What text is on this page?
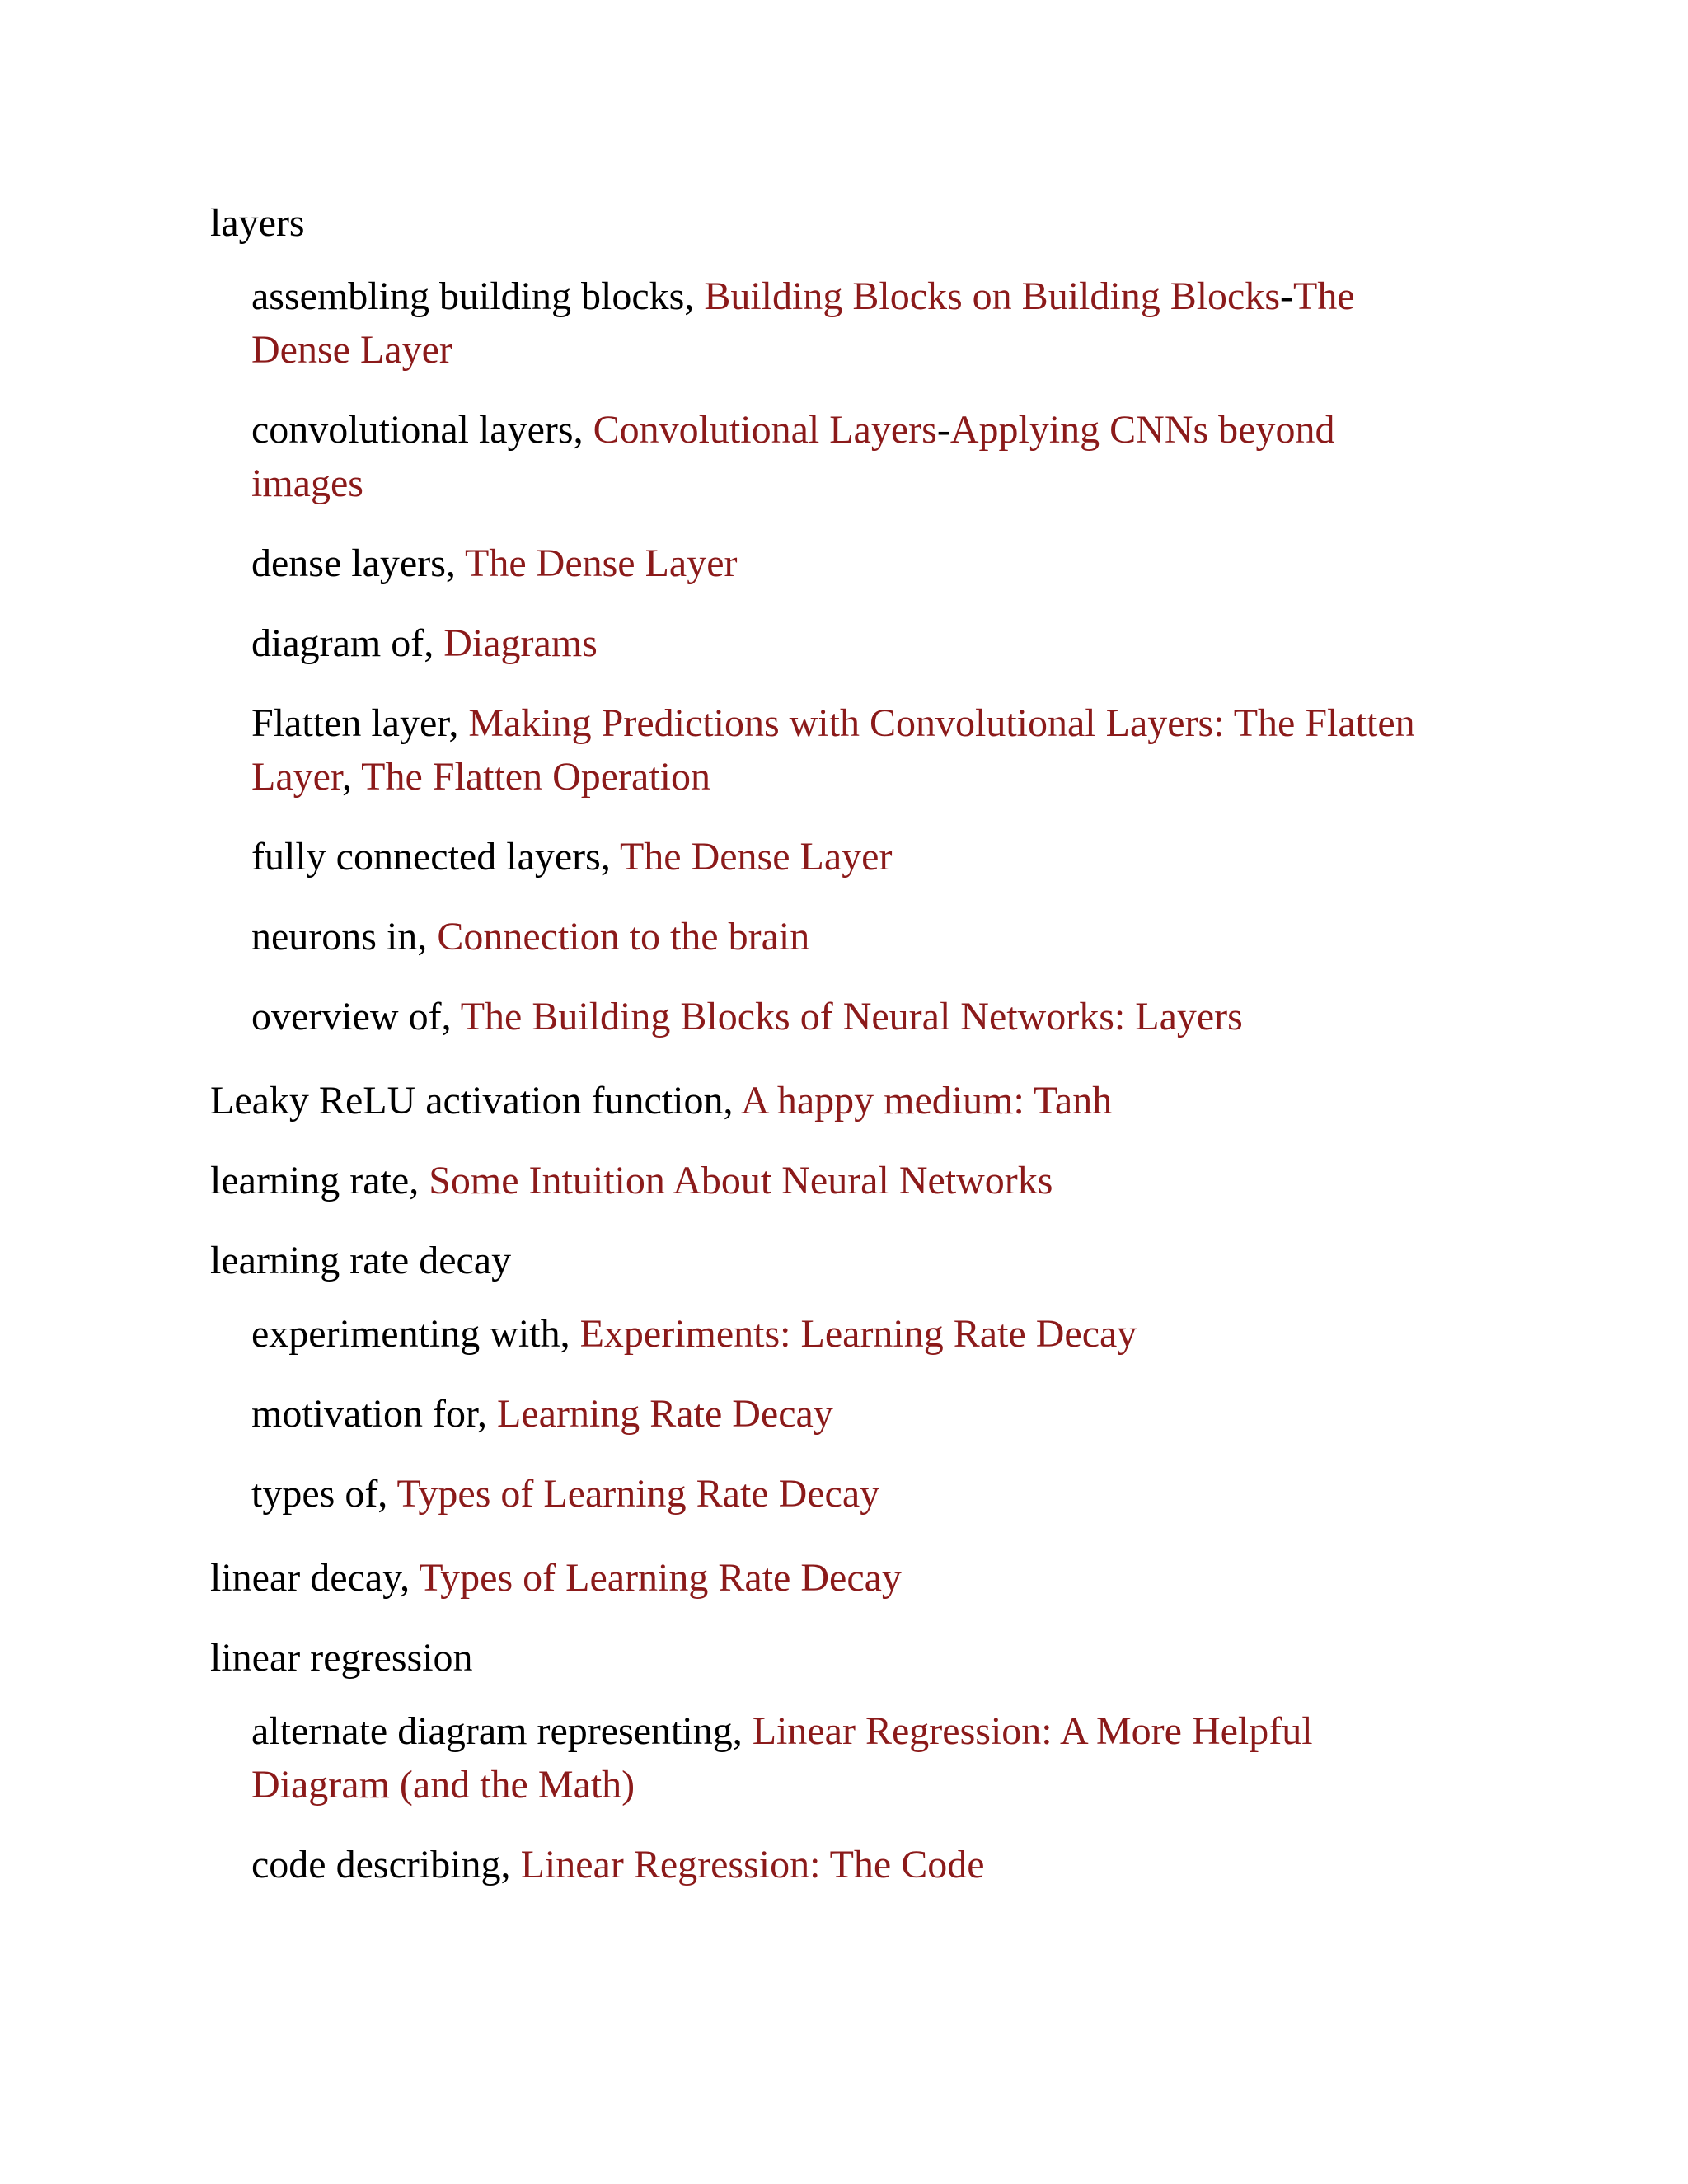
layers
assembling building blocks, Building Blocks on Building Blocks-The
Dense Layer
convolutional layers, Convolutional Layers-Applying CNNs beyond
images
dense layers, The Dense Layer
diagram of, Diagrams
Flatten layer, Making Predictions with Convolutional Layers: The Flatten
Layer, The Flatten Operation
fully connected layers, The Dense Layer
neurons in, Connection to the brain
overview of, The Building Blocks of Neural Networks: Layers
Leaky ReLU activation function, A happy medium: Tanh
learning rate, Some Intuition About Neural Networks
learning rate decay
experimenting with, Experiments: Learning Rate Decay
motivation for, Learning Rate Decay
types of, Types of Learning Rate Decay
linear decay, Types of Learning Rate Decay
linear regression
alternate diagram representing, Linear Regression: A More Helpful
Diagram (and the Math)
code describing, Linear Regression: The Code
